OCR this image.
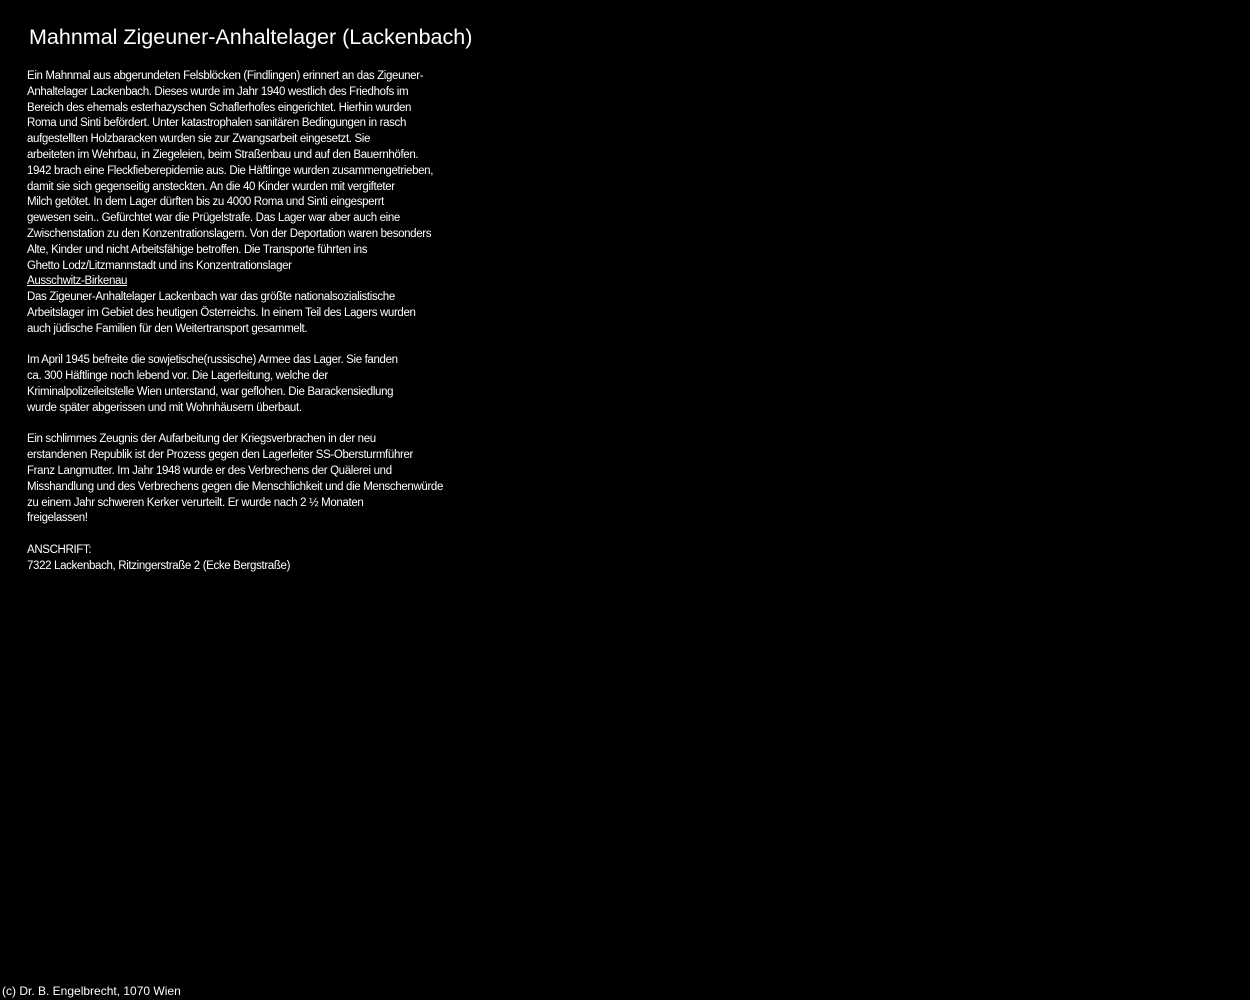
Mahnmal Zigeuner-Anhaltelager (Lackenbach)
Ein Mahnmal aus abgerundeten Felsblöcken (Findlingen) erinnert an das Zigeuner-
Anhaltelager Lackenbach. Dieses wurde im Jahr 1940 westlich des Friedhofs im
Bereich des ehemals esterhazyschen Schaflerhofes eingerichtet. Hierhin wurden
Roma und Sinti befördert. Unter katastrophalen sanitären Bedingungen in rasch
aufgestellten Holzbaracken wurden sie zur Zwangsarbeit eingesetzt. Sie
arbeiteten im Wehrbau, in Ziegeleien, beim Straßenbau und auf den Bauernhöfen.
1942 brach eine Fleckfieberepidemie aus. Die Häftlinge wurden zusammengetrieben,
damit sie sich gegenseitig ansteckten. An die 40 Kinder wurden mit vergifteter
Milch getötet. In dem Lager dürften bis zu 4000 Roma und Sinti eingesperrt
gewesen sein.. Gefürchtet war die Prügelstrafe. Das Lager war aber auch eine
Zwischenstation zu den Konzentrationslagern. Von der Deportation waren besonders
Alte, Kinder und nicht Arbeitsfähige betroffen. Die Transporte führten ins
Ghetto Lodz/Litzmannstadt und ins Konzentrationslager
Ausschwitz-Birkenau
Das Zigeuner-Anhaltelager Lackenbach war das größte nationalsozialistische
Arbeitslager im Gebiet des heutigen Österreichs. In einem Teil des Lagers wurden
auch jüdische Familien für den Weitertransport gesammelt.
Im April 1945 befreite die sowjetische(russische) Armee das Lager. Sie fanden
ca. 300 Häftlinge noch lebend vor. Die Lagerleitung, welche der
Kriminalpolizeileitstelle Wien unterstand, war geflohen. Die Barackensiedlung
wurde später abgerissen und mit Wohnhäusern überbaut.
Ein schlimmes Zeugnis der Aufarbeitung der Kriegsverbrachen in der neu
erstandenen Republik ist der Prozess gegen den Lagerleiter SS-Obersturmführer
Franz Langmutter. Im Jahr 1948 wurde er des Verbrechens der Quälerei und
Misshandlung und des Verbrechens gegen die Menschlichkeit und die Menschenwürde
zu einem Jahr schweren Kerker verurteilt. Er wurde nach 2 ½ Monaten
freigelassen!
ANSCHRIFT:
7322 Lackenbach, Ritzingerstraße 2 (Ecke Bergstraße)
(c) Dr. B. Engelbrecht, 1070 Wien
